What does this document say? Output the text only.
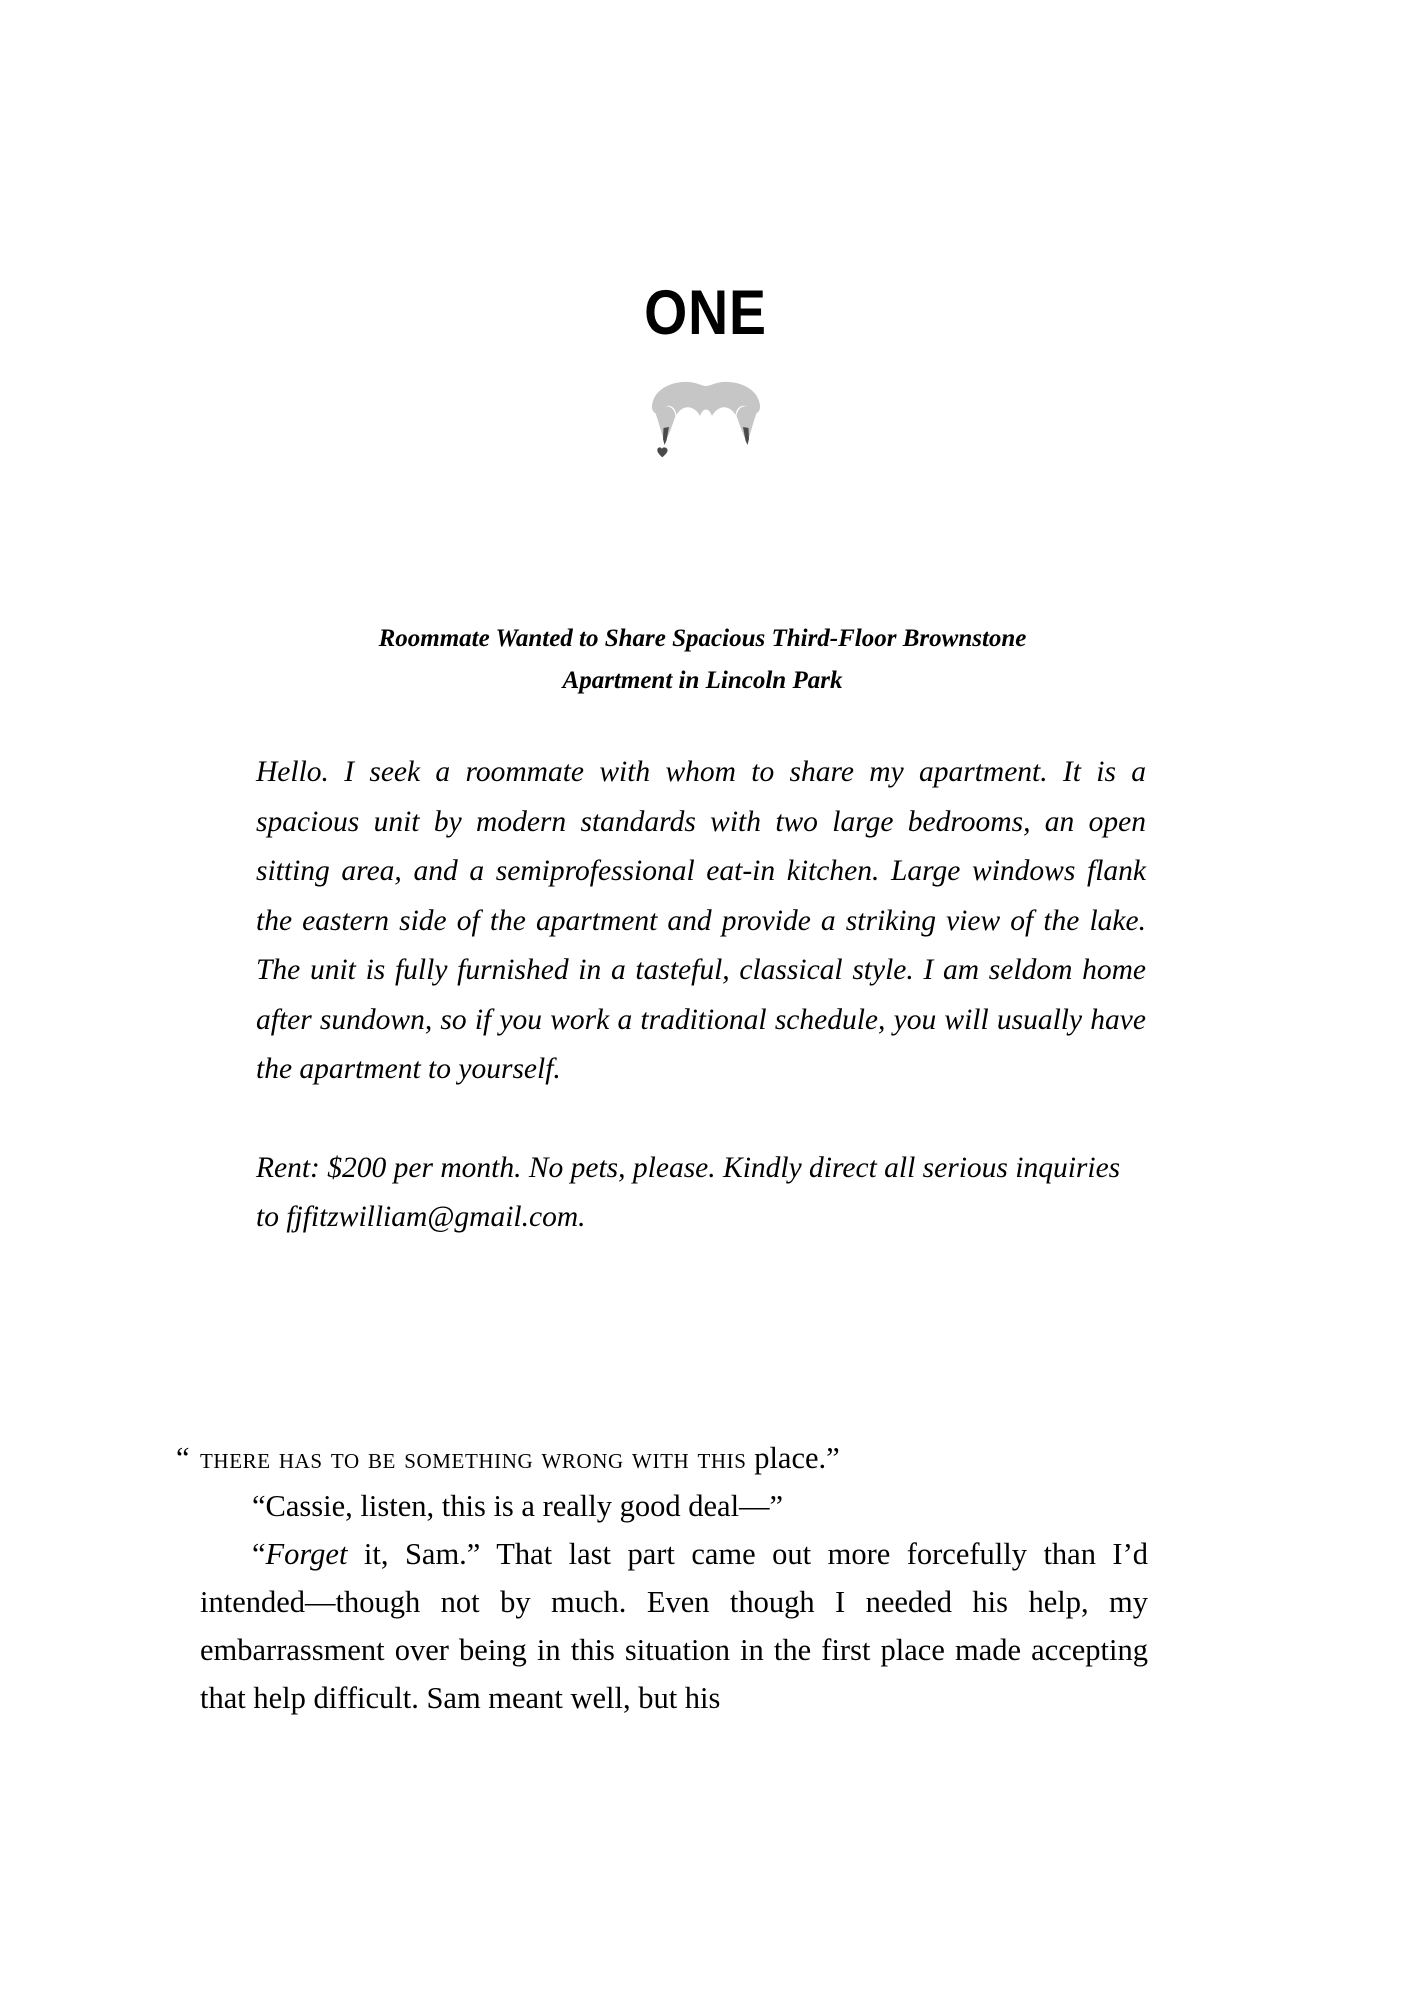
ONE
Roommate Wanted to Share Spacious Third-Floor Brownstone
Apartment in Lincoln Park

Hello. I seek a roommate with whom to share my apartment. It is a spacious unit by modern standards with two large bedrooms, an open sitting area, and a semiprofessional eat-in kitchen. Large windows flank the eastern side of the apartment and provide a striking view of the lake. The unit is fully furnished in a tasteful, classical style. I am seldom home after sundown, so if you work a traditional schedule, you will usually have the apartment to yourself.

Rent: $200 per month. No pets, please. Kindly direct all serious inquiries to fjfitzwilliam@gmail.com.

“ there has to be something wrong with this place.”

“Cassie, listen, this is a really good deal—”

“Forget it, Sam.” That last part came out more forcefully than I’d intended—though not by much. Even though I needed his help, my embarrassment over being in this situation in the first place made accepting that help difficult. Sam meant well, but his
